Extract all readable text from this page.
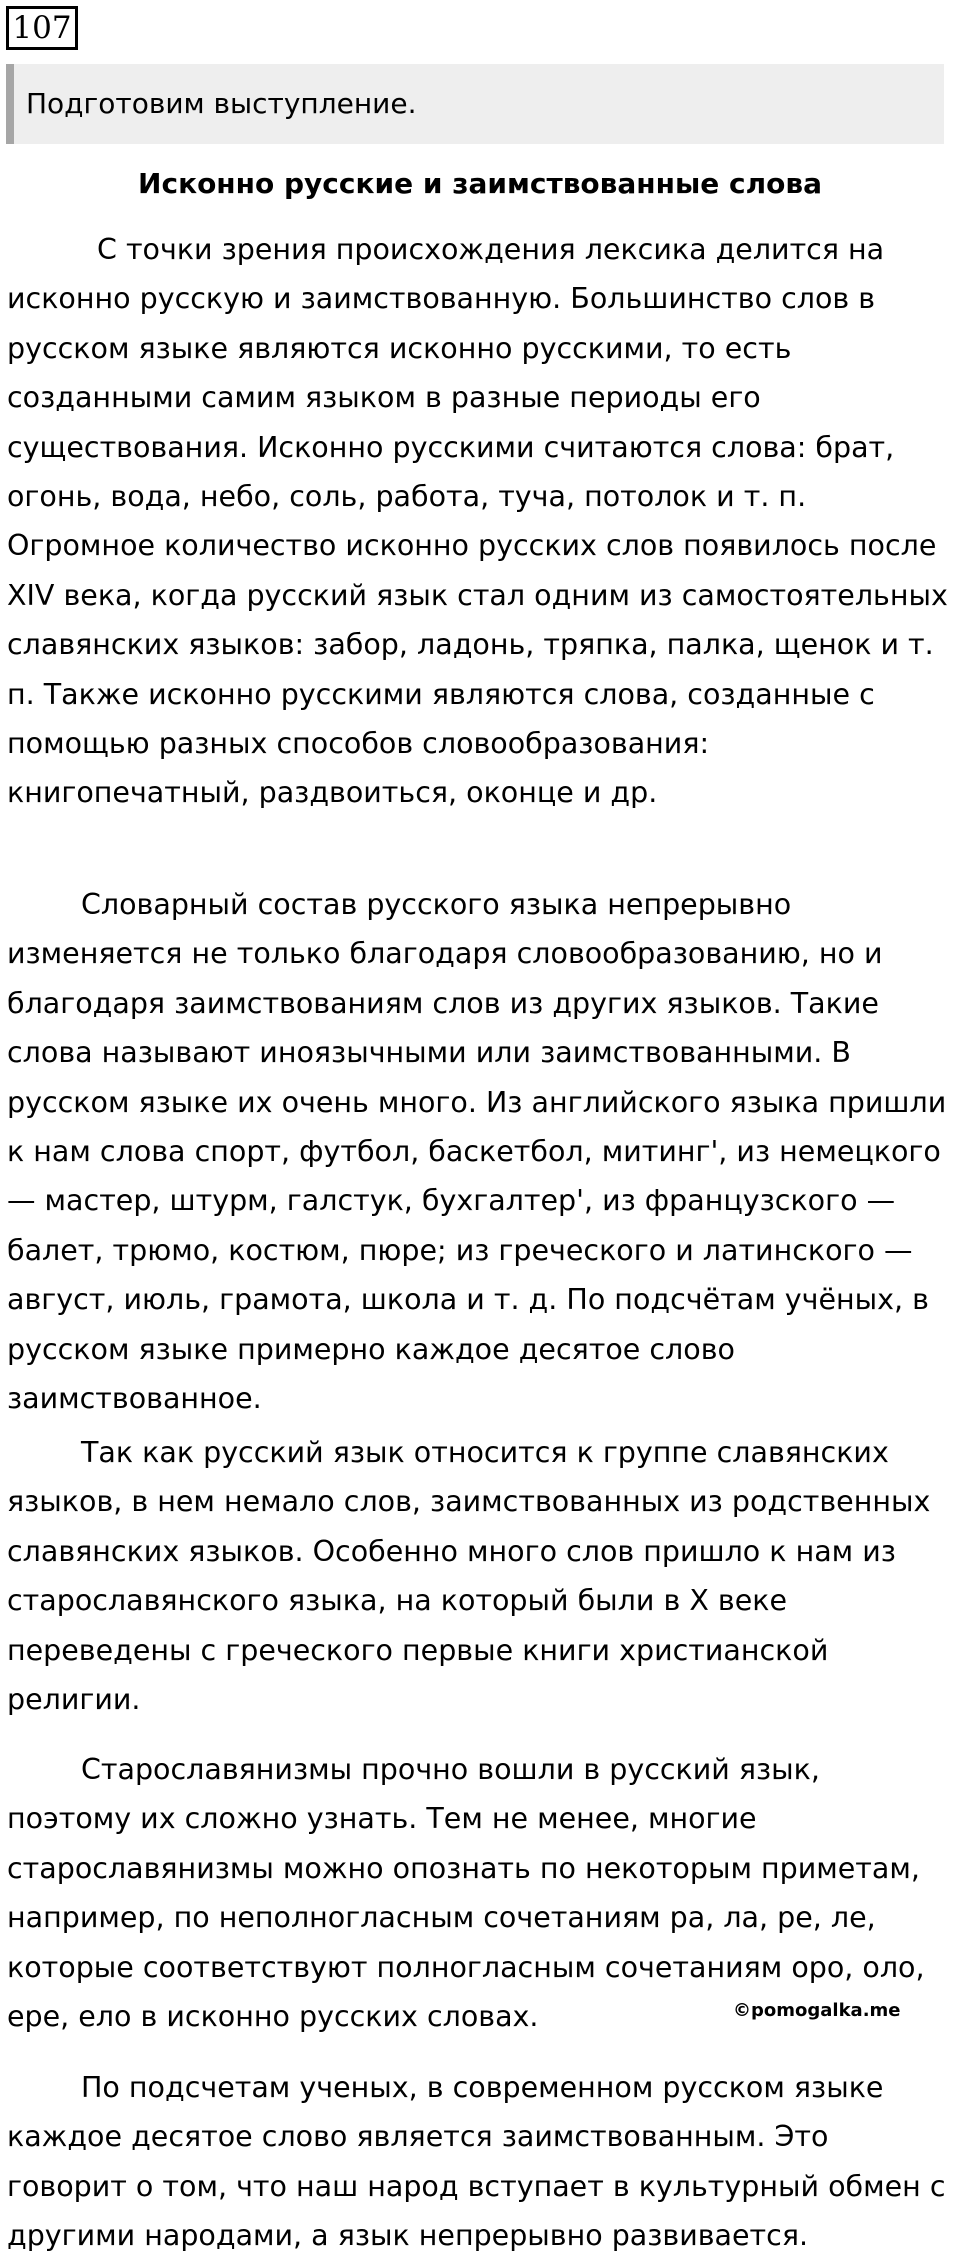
107
Подготовим выступление.
Исконно русские и заимствованные слова

С точки зрения происхождения лексика делится на исконно русскую и заимствованную. Большинство слов в русском языке являются исконно русскими, то есть созданными самим языком в разные периоды его существования. Исконно русскими считаются слова: брат, огонь, вода, небо, соль, работа, туча, потолок и т. п. Огромное количество исконно русских слов появилось после XIV века, когда русский язык стал одним из самостоятельных славянских языков: забор, ладонь, тряпка, палка, щенок и т. п. Также исконно русскими являются слова, созданные с помощью разных способов словообразования: книгопечатный, раздвоиться, оконце и др.

Словарный состав русского языка непрерывно изменяется не только благодаря словообразованию, но и благодаря заимствованиям слов из других языков. Такие слова называют иноязычными или заимствованными. В русском языке их очень много. Из английского языка пришли к нам слова спорт, футбол, баскетбол, митинг', из немецкого — мастер, штурм, галстук, бухгалтер', из французского — балет, трюмо, костюм, пюре; из греческого и латинского — август, июль, грамота, школа и т. д. По подсчётам учёных, в русском языке примерно каждое десятое слово заимствованное.

Так как русский язык относится к группе славянских языков, в нем немало слов, заимствованных из родственных славянских языков. Особенно много слов пришло к нам из старославянского языка, на который были в X веке переведены с греческого первые книги христианской религии.

Старославянизмы прочно вошли в русский язык, поэтому их сложно узнать. Тем не менее, многие старославянизмы можно опознать по некоторым приметам, например, по неполногласным сочетаниям ра, ла, ре, ле, которые соответствуют полногласным сочетаниям оро, оло, ере, ело в исконно русских словах.

По подсчетам ученых, в современном русском языке каждое десятое слово является заимствованным. Это говорит о том, что наш народ вступает в культурный обмен с другими народами, а язык непрерывно развивается.

©pomogalka.me
